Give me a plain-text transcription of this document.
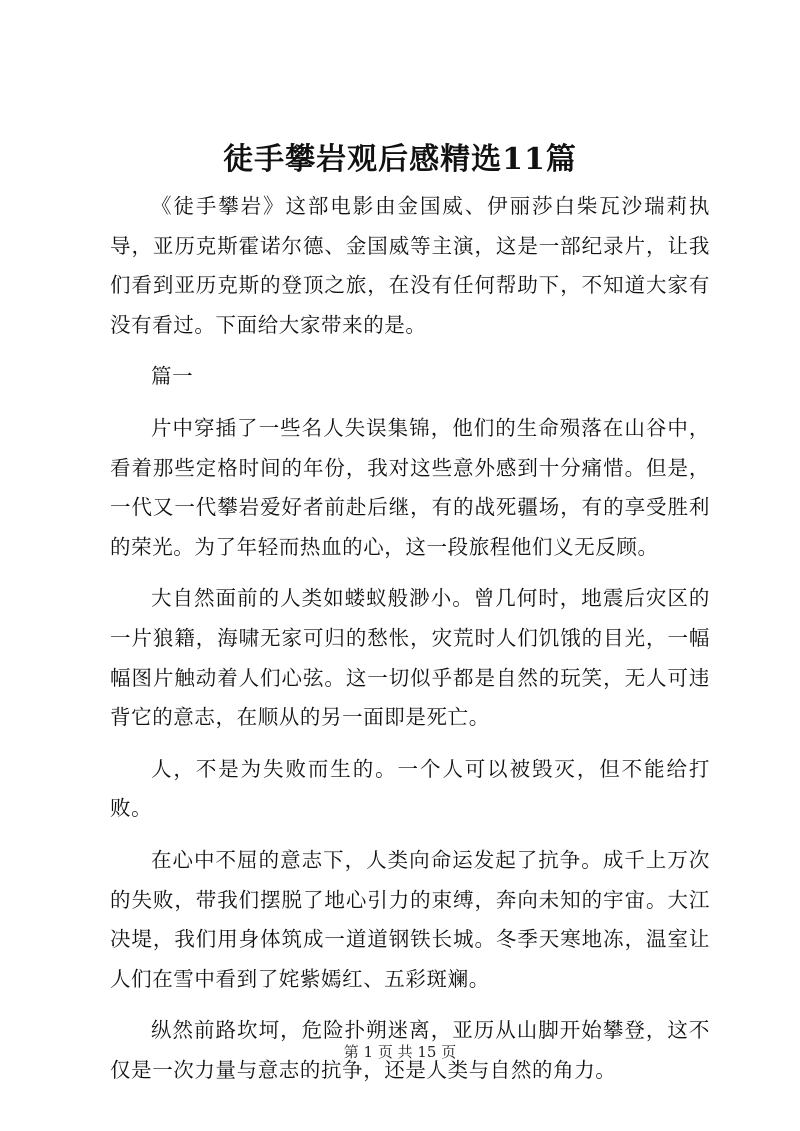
徒手攀岩观后感精选11篇

《徒手攀岩》这部电影由金国威、伊丽莎白柴瓦沙瑞莉执导，亚历克斯霍诺尔德、金国威等主演，这是一部纪录片，让我们看到亚历克斯的登顶之旅，在没有任何帮助下，不知道大家有没有看过。下面给大家带来的是。

篇一

片中穿插了一些名人失误集锦，他们的生命殒落在山谷中，看着那些定格时间的年份，我对这些意外感到十分痛惜。但是，一代又一代攀岩爱好者前赴后继，有的战死疆场，有的享受胜利的荣光。为了年轻而热血的心，这一段旅程他们义无反顾。

大自然面前的人类如蝼蚁般渺小。曾几何时，地震后灾区的一片狼籍，海啸无家可归的愁怅，灾荒时人们饥饿的目光，一幅幅图片触动着人们心弦。这一切似乎都是自然的玩笑，无人可违背它的意志，在顺从的另一面即是死亡。

人，不是为失败而生的。一个人可以被毁灭，但不能给打败。

在心中不屈的意志下，人类向命运发起了抗争。成千上万次的失败，带我们摆脱了地心引力的束缚，奔向未知的宇宙。大江决堤，我们用身体筑成一道道钢铁长城。冬季天寒地冻，温室让人们在雪中看到了姹紫嫣红、五彩斑斓。

纵然前路坎坷，危险扑朔迷离，亚历从山脚开始攀登，这不仅是一次力量与意志的抗争，还是人类与自然的角力。

第 1 页 共 15 页
